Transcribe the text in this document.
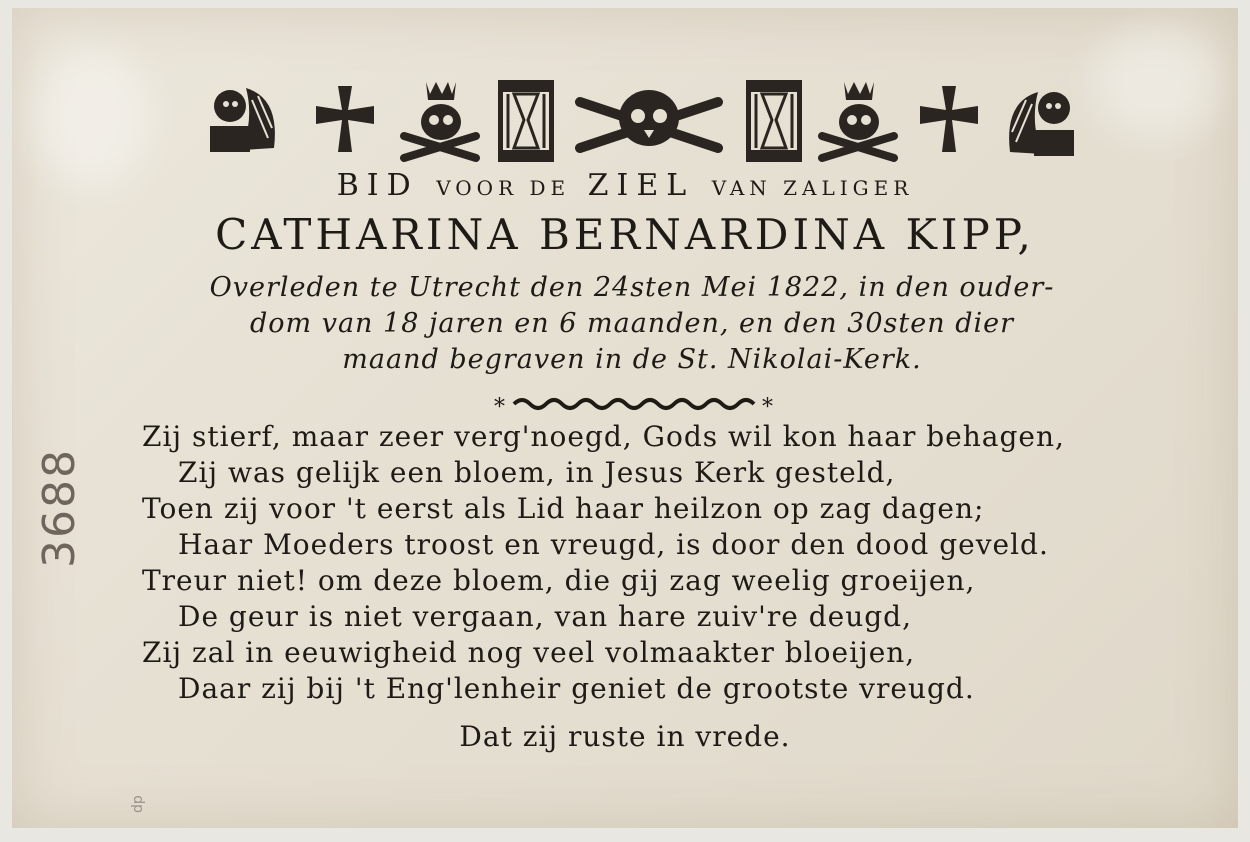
BID VOOR DE ZIEL VAN ZALIGER
CATHARINA BERNARDINA KIPP,
Overleden te Utrecht den 24sten Mei 1822, in den ouder-
dom van 18 jaren en 6 maanden, en den 30sten dier
maand begraven in de St. Nikolai-Kerk.
*	*
Zij stierf, maar zeer verg'noegd, Gods wil kon haar behagen,
Zij was gelijk een bloem, in Jesus Kerk gesteld,
Toen zij voor 't eerst als Lid haar heilzon op zag dagen;
Haar Moeders troost en vreugd, is door den dood geveld.
Treur niet! om deze bloem, die gij zag weelig groeijen,
De geur is niet vergaan, van hare zuiv're deugd,
Zij zal in eeuwigheid nog veel volmaakter bloeijen,
Daar zij bij 't Eng'lenheir geniet de grootste vreugd.
Dat zij ruste in vrede.
3688
dp
